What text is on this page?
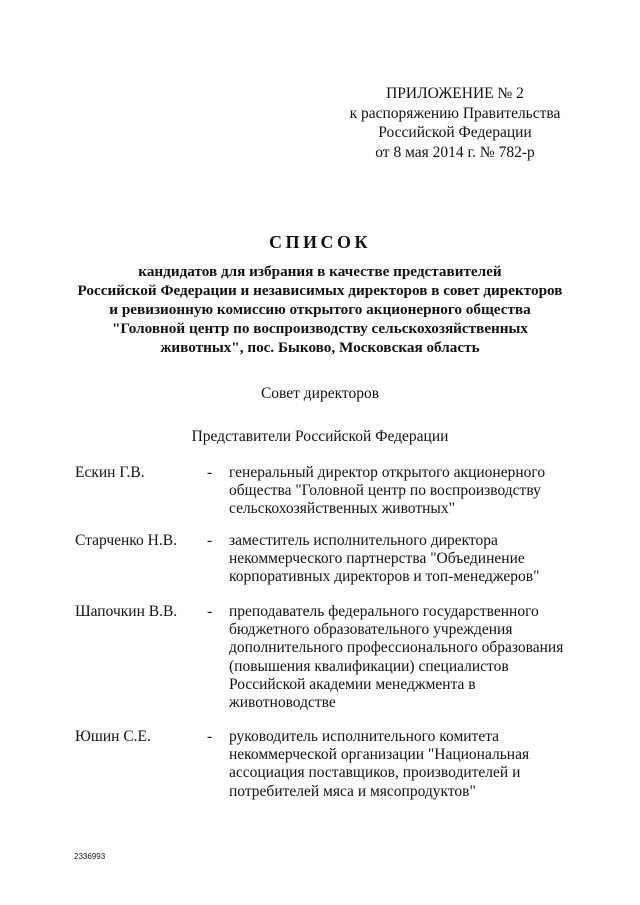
ПРИЛОЖЕНИЕ № 2
к распоряжению Правительства
Российской Федерации
от 8 мая 2014 г. № 782-р
СПИСОК
кандидатов для избрания в качестве представителей
Российской Федерации и независимых директоров в совет директоров
и ревизионную комиссию открытого акционерного общества
"Головной центр по воспроизводству сельскохозяйственных
животных", пос. Быково, Московская область
Совет директоров
Представители Российской Федерации
Ескин Г.В.	- генеральный директор открытого акционерного
общества "Головной центр по воспроизводству
сельскохозяйственных животных"
Старченко Н.В. - заместитель исполнительного директора
некоммерческого партнерства "Объединение
корпоративных директоров и топ-менеджеров"
Шапочкин В.В. - преподаватель федерального государственного
бюджетного образовательного учреждения
дополнительного профессионального образования
(повышения квалификации) специалистов
Российской академии менеджмента в
животноводстве
Юшин С.Е.	- руководитель исполнительного комитета
некоммерческой организации "Национальная
ассоциация поставщиков, производителей и
потребителей мяса и мясопродуктов"
2336993
